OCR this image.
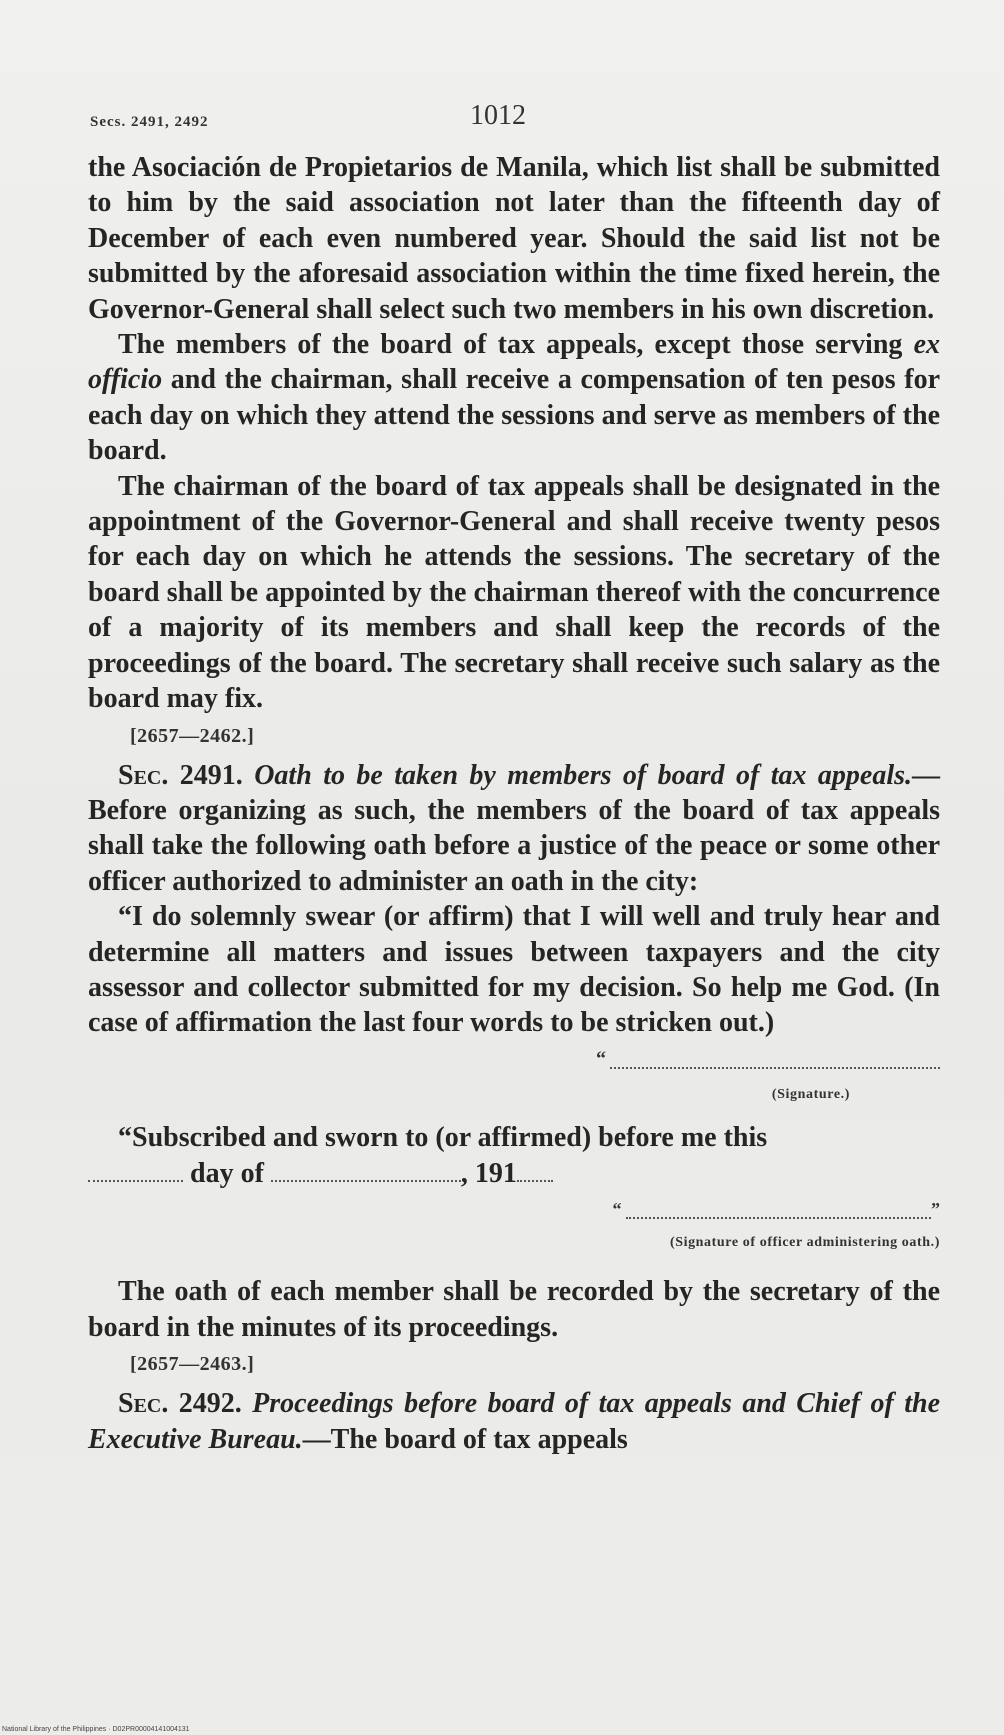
Secs. 2491, 2492	1012

the Asociación de Propietarios de Manila, which list shall be submitted to him by the said association not later than the fifteenth day of December of each even numbered year. Should the said list not be submitted by the aforesaid association within the time fixed herein, the Governor-General shall select such two members in his own discretion.

The members of the board of tax appeals, except those serving ex officio and the chairman, shall receive a compensation of ten pesos for each day on which they attend the sessions and serve as members of the board.

The chairman of the board of tax appeals shall be designated in the appointment of the Governor-General and shall receive twenty pesos for each day on which he attends the sessions. The secretary of the board shall be appointed by the chairman thereof with the concurrence of a majority of its members and shall keep the records of the proceedings of the board. The secretary shall receive such salary as the board may fix.

[2657—2462.]

Sec. 2491. Oath to be taken by members of board of tax appeals.—Before organizing as such, the members of the board of tax appeals shall take the following oath before a justice of the peace or some other officer authorized to administer an oath in the city:

“I do solemnly swear (or affirm) that I will well and truly hear and determine all matters and issues between taxpayers and the city assessor and collector submitted for my decision. So help me God. (In case of affirmation the last four words to be stricken out.)

“
(Signature.)

“Subscribed and sworn to (or affirmed) before me this
day of	, 191

“	”
(Signature of officer administering oath.)

The oath of each member shall be recorded by the secretary of the board in the minutes of its proceedings.

[2657—2463.]

Sec. 2492. Proceedings before board of tax appeals and Chief of the Executive Bureau.—The board of tax appeals

National Library of the Philippines · D02PR00004141004131
